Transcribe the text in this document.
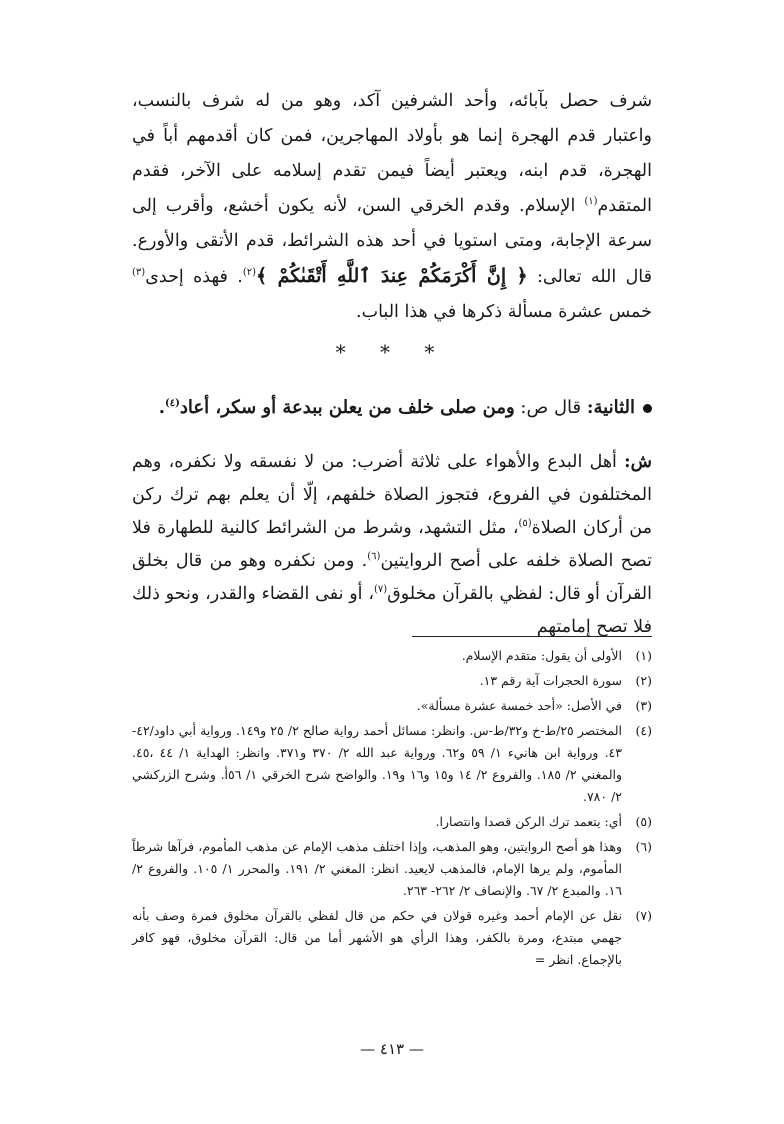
شرف حصل بآبائه، وأحد الشرفين آكد، وهو من له شرف بالنسب، واعتبار قدم الهجرة إنما هو بأولاد المهاجرين، فمن كان أقدمهم أباً في الهجرة، قدم ابنه، ويعتبر أيضاً فيمن تقدم إسلامه على الآخر، فقدم المتقدم$^{(١)}$ الإسلام. وقدم الخرقي السن، لأنه يكون أخشع، وأقرب إلى سرعة الإجابة، ومتى استويا في أحد هذه الشرائط، قدم الأتقى والأورع. قال الله تعالى: ﴿ إِنَّ أَكْرَمَكُمْ عِندَ ٱللَّهِ أَتْقَىٰكُمْ ﴾$^{(٢)}$. فهذه إحدى$^{(٣)}$ خمس عشرة مسألة ذكرها في هذا الباب.

* * *
الثانية: قال ص: ومن صلى خلف من يعلن ببدعة أو سكر، أعاد$^{(٤)}$.

ش: أهل البدع والأهواء على ثلاثة أضرب: من لا نفسقه ولا نكفره، وهم المختلفون في الفروع، فتجوز الصلاة خلفهم، إلّا أن يعلم بهم ترك ركن من أركان الصلاة$^{(٥)}$، مثل التشهد، وشرط من الشرائط كالنية للطهارة فلا تصح الصلاة خلفه على أصح الروايتين$^{(٦)}$. ومن نكفره وهو من قال بخلق القرآن أو قال: لفظي بالقرآن مخلوق$^{(٧)}$، أو نفى القضاء والقدر، ونحو ذلك فلا تصح إمامتهم

(١)
الأولى أن يقول: متقدم الإسلام.
(٢)
سورة الحجرات آية رقم ١٣.
(٣)
في الأصل: «أحد خمسة عشرة مسألة».
(٤)
المختصر ٢٥/ط-خ و٣٢/ط-س. وانظر: مسائل أحمد رواية صالح ٢/ ٢٥ و١٤٩. ورواية أبي داود/٤٢- ٤٣. ورواية ابن هانيء ١/ ٥٩ و٦٢. ورواية عبد الله ٢/ ٣٧٠ و٣٧١. وانظر: الهداية ١/ ٤٤ ،٤٥. والمغني ٢/ ١٨٥. والفروع ٢/ ١٤ و١٥ و١٦ و١٩. والواضح شرح الخرقي ١/ ٥٦أ. وشرح الزركشي ٢/ ٧٨٠.
(٥)
أي: يتعمد ترك الركن قصدا وانتصارا.
(٦)
وهذا هو أصح الروايتين، وهو المذهب، وإذا اختلف مذهب الإمام عن مذهب المأموم، فرآها شرطاً المأموم، ولم يرها الإمام، فالمذهب لايعيد. انظر: المغني ٢/ ١٩١. والمحرر ١/ ١٠٥. والفروع ٢/ ١٦. والمبدع ٢/ ٦٧. والإنصاف ٢/ ٢٦٢- ٢٦٣.
(٧)
نقل عن الإمام أحمد وغيره قولان في حكم من قال لفظي بالقرآن مخلوق فمرة وصف بأنه جهمي مبتدع، ومرة بالكفر، وهذا الرأي هو الأشهر أما من قال: القرآن مخلوق، فهو كافر بالإجماع. انظر =
— ٤١٣ —
